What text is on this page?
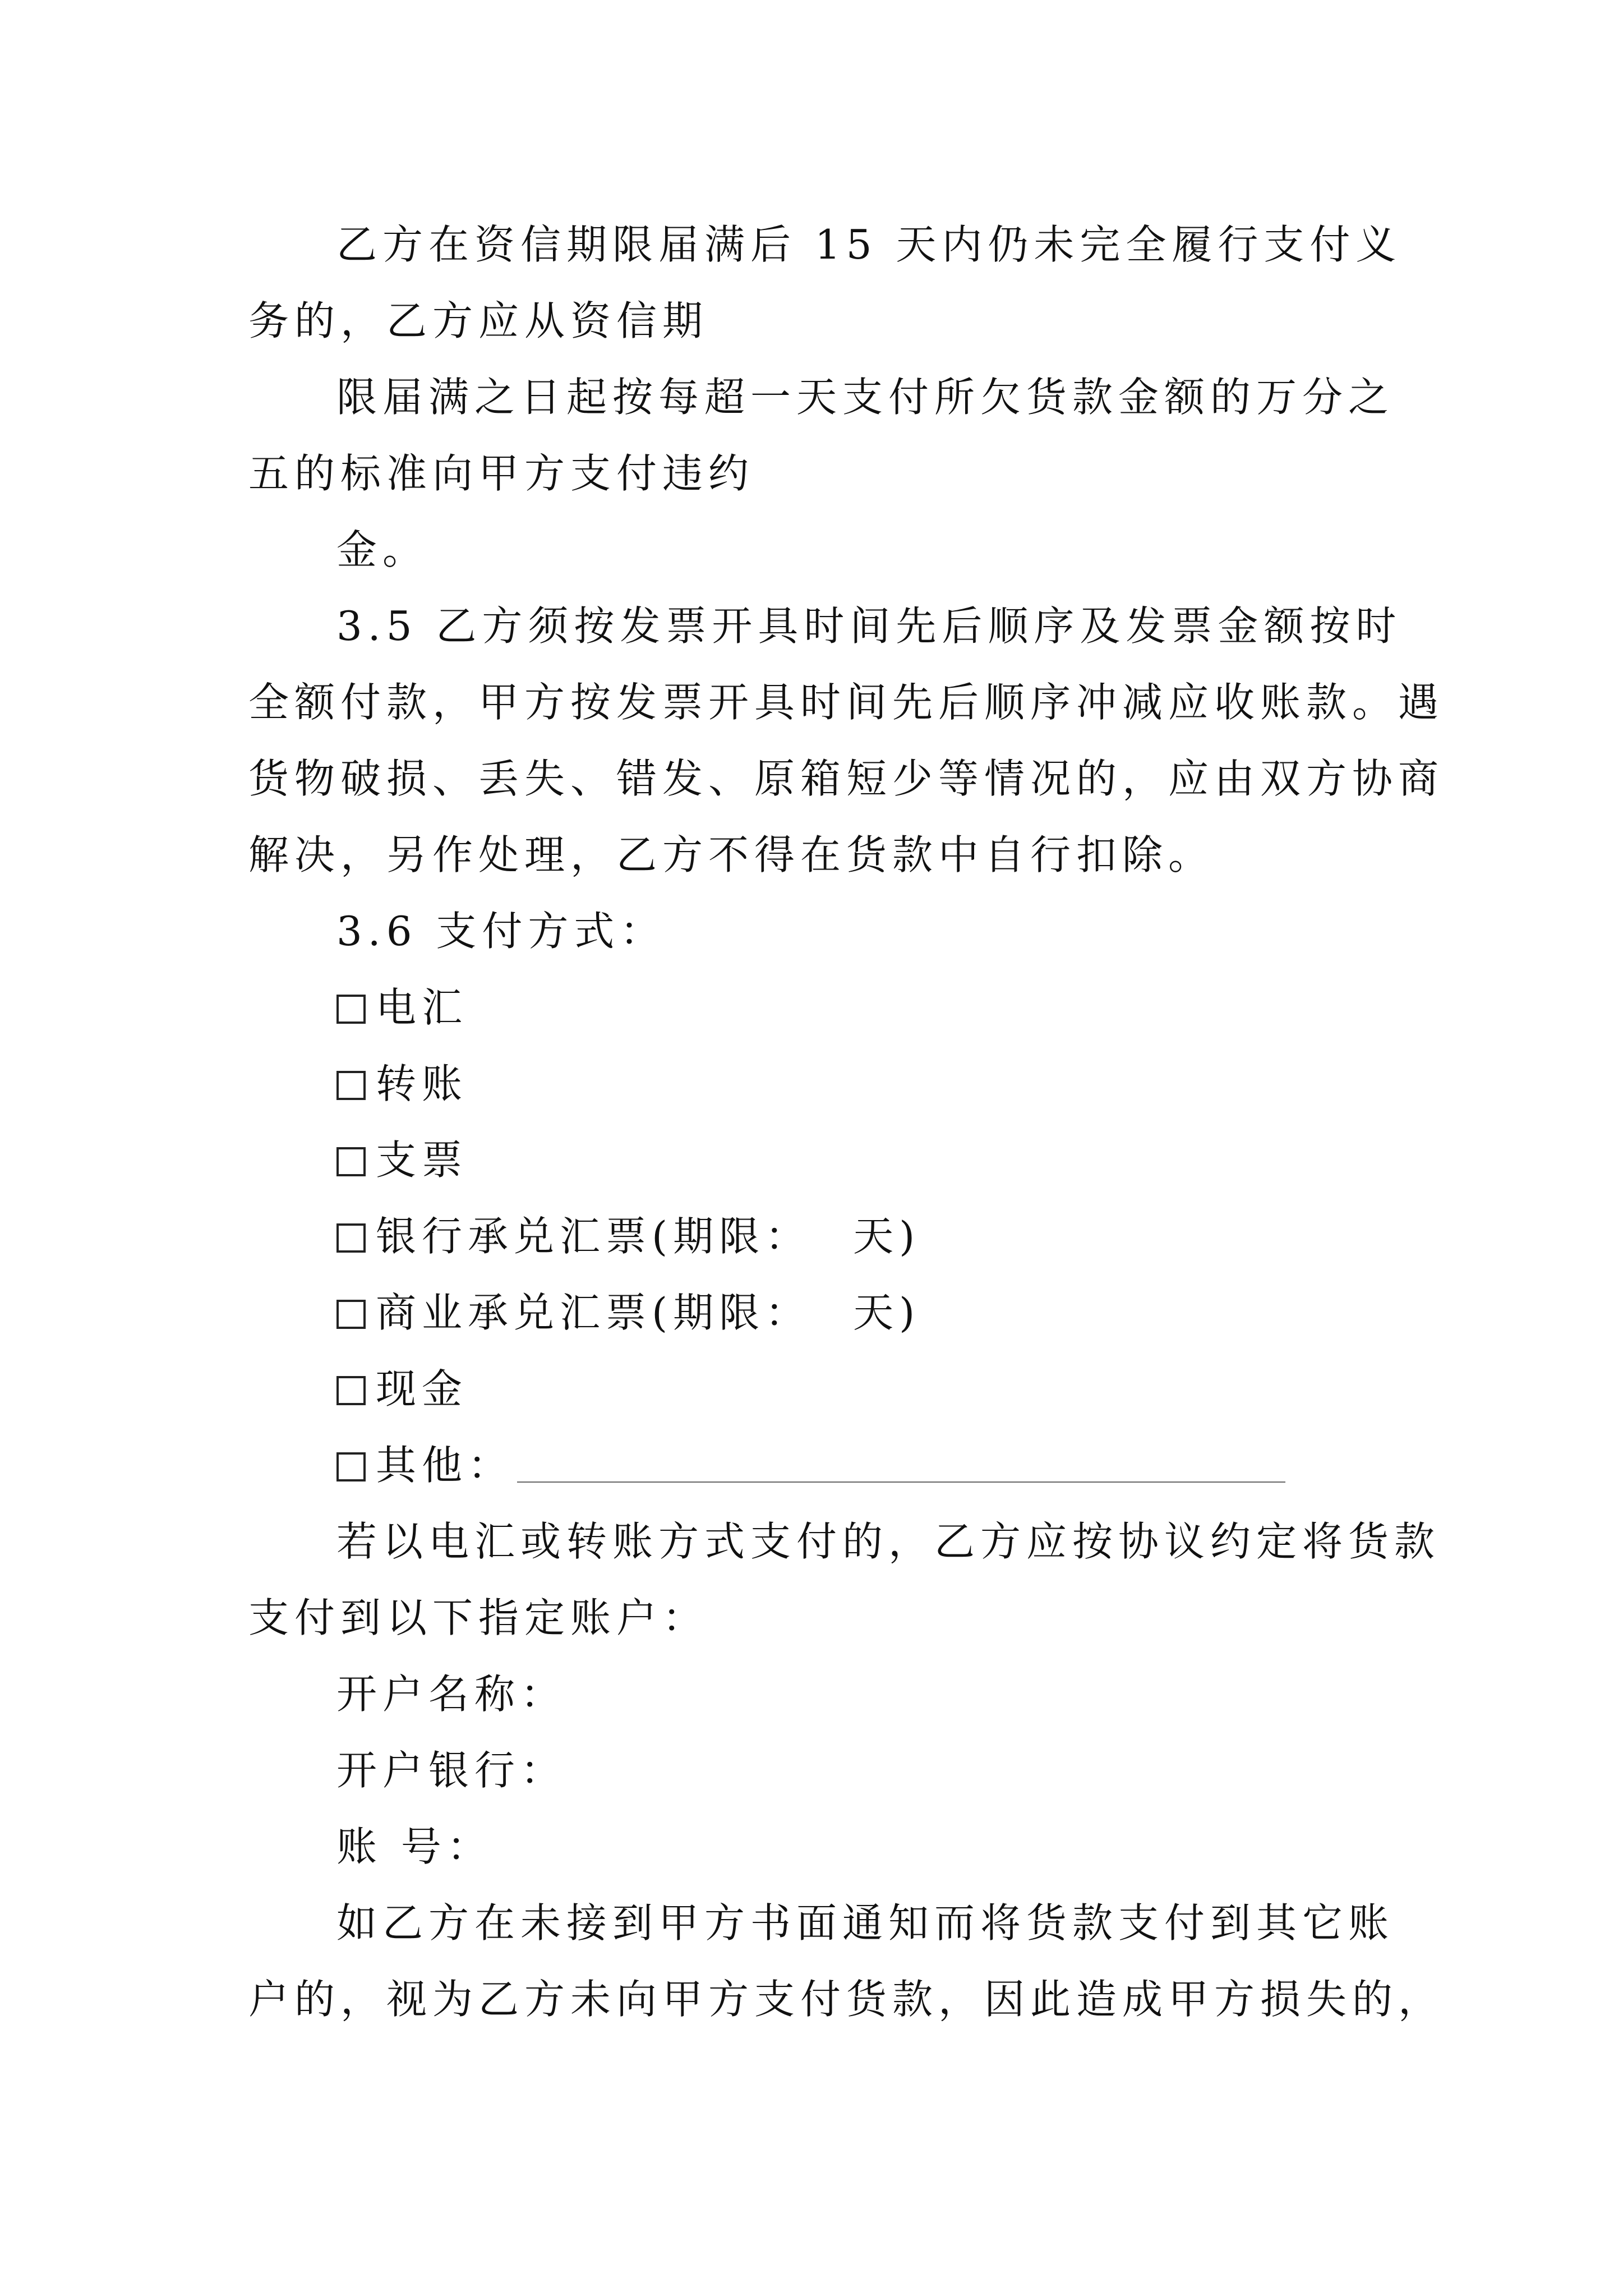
乙方在资信期限届满后 15 天内仍未完全履行支付义
务的，乙方应从资信期
限届满之日起按每超一天支付所欠货款金额的万分之
五的标准向甲方支付违约
金。
3.5 乙方须按发票开具时间先后顺序及发票金额按时
全额付款，甲方按发票开具时间先后顺序冲减应收账款。遇
货物破损、丢失、错发、原箱短少等情况的，应由双方协商
解决，另作处理，乙方不得在货款中自行扣除。
3.6 支付方式：
电汇
转账
支票
银行承兑汇票(期限： 天)
商业承兑汇票(期限： 天)
现金
其他：
若以电汇或转账方式支付的，乙方应按协议约定将货款
支付到以下指定账户：
开户名称：
开户银行：
账 号：
如乙方在未接到甲方书面通知而将货款支付到其它账
户的，视为乙方未向甲方支付货款，因此造成甲方损失的，
